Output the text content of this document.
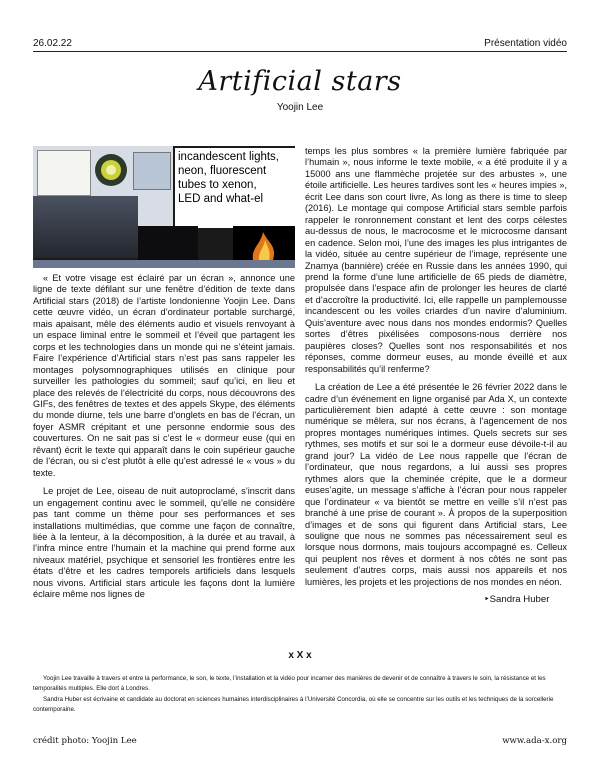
26.02.22	Présentation vidéo
Artificial stars
Yoojin Lee
incandescent lights,
neon, fluorescent
tubes to xenon,
LED and what-el

« Et votre visage est éclairé par un écran », annonce une ligne de texte défilant sur une fenêtre d’édition de texte dans Artificial stars (2018) de l’artiste londonienne Yoojin Lee. Dans cette œuvre vidéo, un écran d’ordinateur portable surchargé, mais apaisant, mêle des éléments audio et visuels renvoyant à un espace liminal entre le sommeil et l’éveil que partagent les corps et les technologies dans un monde qui ne s’éteint jamais. Faire l’expérience d’Artificial stars n’est pas sans rappeler les montages polysomnographiques utilisés en clinique pour surveiller les pathologies du sommeil; sauf qu’ici, en lieu et place des relevés de l’électricité du corps, nous découvrons des GIFs, des fenêtres de textes et des appels Skype, des éléments du monde diurne, tels une barre d’onglets en bas de l’écran, un foyer ASMR crépitant et une personne endormie sous des couvertures. On ne sait pas si c’est le « dormeur euse (qui en rêvant) écrit le texte qui apparaît dans le coin supérieur gauche de l’écran, ou si c’est plutôt à elle qu’est adressé le « vous » du texte.

Le projet de Lee, oiseau de nuit autoproclamé, s’inscrit dans un engagement continu avec le sommeil, qu’elle ne considère pas tant comme un thème pour ses performances et ses installations multimédias, que comme une façon de connaître, liée à la lenteur, à la décomposition, à la durée et au travail, à l’infra mince entre l’humain et la machine qui prend forme aux niveaux matériel, psychique et sensoriel les frontières entre les états d’être et les cadres temporels artificiels dans lesquels nous vivons. Artificial stars articule les façons dont la lumière éclaire même nos lignes de

temps les plus sombres « la première lumière fabriquée par l’humain », nous informe le texte mobile, « a été produite il y a 15000 ans une flammèche projetée sur des arbustes », une étoile artificielle. Les heures tardives sont les « heures impies », écrit Lee dans son court livre, As long as there is time to sleep (2016). Le montage qui compose Artificial stars semble parfois rappeler le ronronnement constant et lent des corps célestes au-dessus de nous, le macrocosme et le microcosme dansant en cadence. Selon moi, l’une des images les plus intrigantes de la vidéo, située au centre supérieur de l’image, représente une Znamya (bannière) créée en Russie dans les années 1990, qui prend la forme d’une lune artificielle de 65 pieds de diamètre, propulsée dans l’espace afin de prolonger les heures de clarté et d’accroître la productivité. Ici, elle rappelle un pamplemousse incandescent ou les voiles criardes d’un navire d’aluminium. Quis’aventure avec nous dans nos mondes endormis? Quelles sortes d’êtres pixélisées composons-nous derrière nos paupières closes? Quelles sont nos responsabilités et nos réponses, comme dormeur euses, au monde éveillé et aux responsabilités qu’il renferme?

La création de Lee a été présentée le 26 février 2022 dans le cadre d’un événement en ligne organisé par Ada X, un contexte particulièrement bien adapté à cette œuvre : son montage numérique se mêlera, sur nos écrans, à l’agencement de nos propres montages numériques intimes. Quels secrets sur ses rythmes, ses motifs et sur soi le a dormeur euse dévoile-t-il au grand jour? La vidéo de Lee nous rappelle que l’écran de l’ordinateur, que nous regardons, a lui aussi ses propres rythmes alors que la cheminée crépite, que le a dormeur euses’agite, un message s’affiche à l’écran pour nous rappeler que l’ordinateur « va bientôt se mettre en veille s’il n’est pas branché à une prise de courant ». À propos de la superposition d’images et de sons qui figurent dans Artificial stars, Lee souligne que nous ne sommes pas nécessairement seul es lorsque nous dormons, mais toujours accompagné es. Celleux qui peuplent nos rêves et dorment à nos côtés ne sont pas seulement d’autres corps, mais aussi nos appareils et nos lumières, les projets et les projections de nos mondes en néon.

‣Sandra Huber
x X x

Yoojin Lee travaille à travers et entre la performance, le son, le texte, l’installation et la vidéo pour incarner des manières de devenir et de connaître à travers le soin, la résistance et les temporalités multiples. Elle dort à Londres.

Sandra Huber est écrivaine et candidate au doctorat en sciences humaines interdisciplinaires à l’Université Concordia, où elle se concentre sur les outils et les techniques de la sorcellerie contemporaine.

crédit photo: Yoojin Lee	www.ada-x.org
